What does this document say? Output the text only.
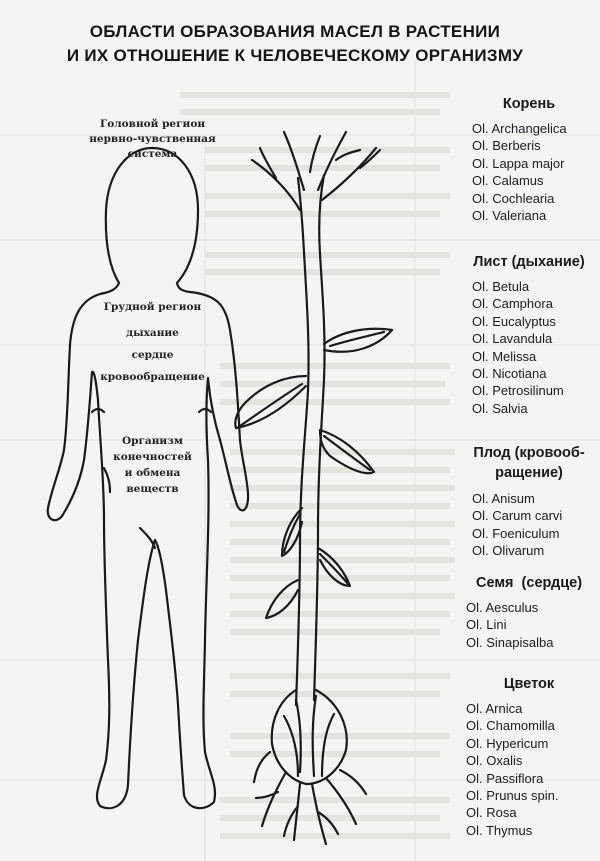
ОБЛАСТИ ОБРАЗОВАНИЯ МАСЕЛ В РАСТЕНИИ
И ИХ ОТНОШЕНИЕ К ЧЕЛОВЕЧЕСКОМУ ОРГАНИЗМУ
Головной регион
нервно-чувственная
система
Грудной регион
дыхание
сердце
кровообращение
Организм
конечностей
и обмена
веществ
Корень
Ol. Archangelica
Ol. Berberis
Ol. Lappa major
Ol. Calamus
Ol. Cochlearia
Ol. Valeriana
Лист (дыхание)
Ol. Betula
Ol. Camphora
Ol. Eucalyptus
Ol. Lavandula
Ol. Melissa
Ol. Nicotiana
Ol. Petrosilinum
Ol. Salvia
Плод (кровооб-
ращение)
Ol. Anisum
Ol. Carum carvi
Ol. Foeniculum
Ol. Olivarum
Семя  (сердце)
Ol. Aesculus
Ol. Lini
Ol. Sinapisalba
Цветок
Ol. Arnica
Ol. Chamomilla
Ol. Hypericum
Ol. Oxalis
Ol. Passiflora
Ol. Prunus spin.
Ol. Rosa
Ol. Thymus
